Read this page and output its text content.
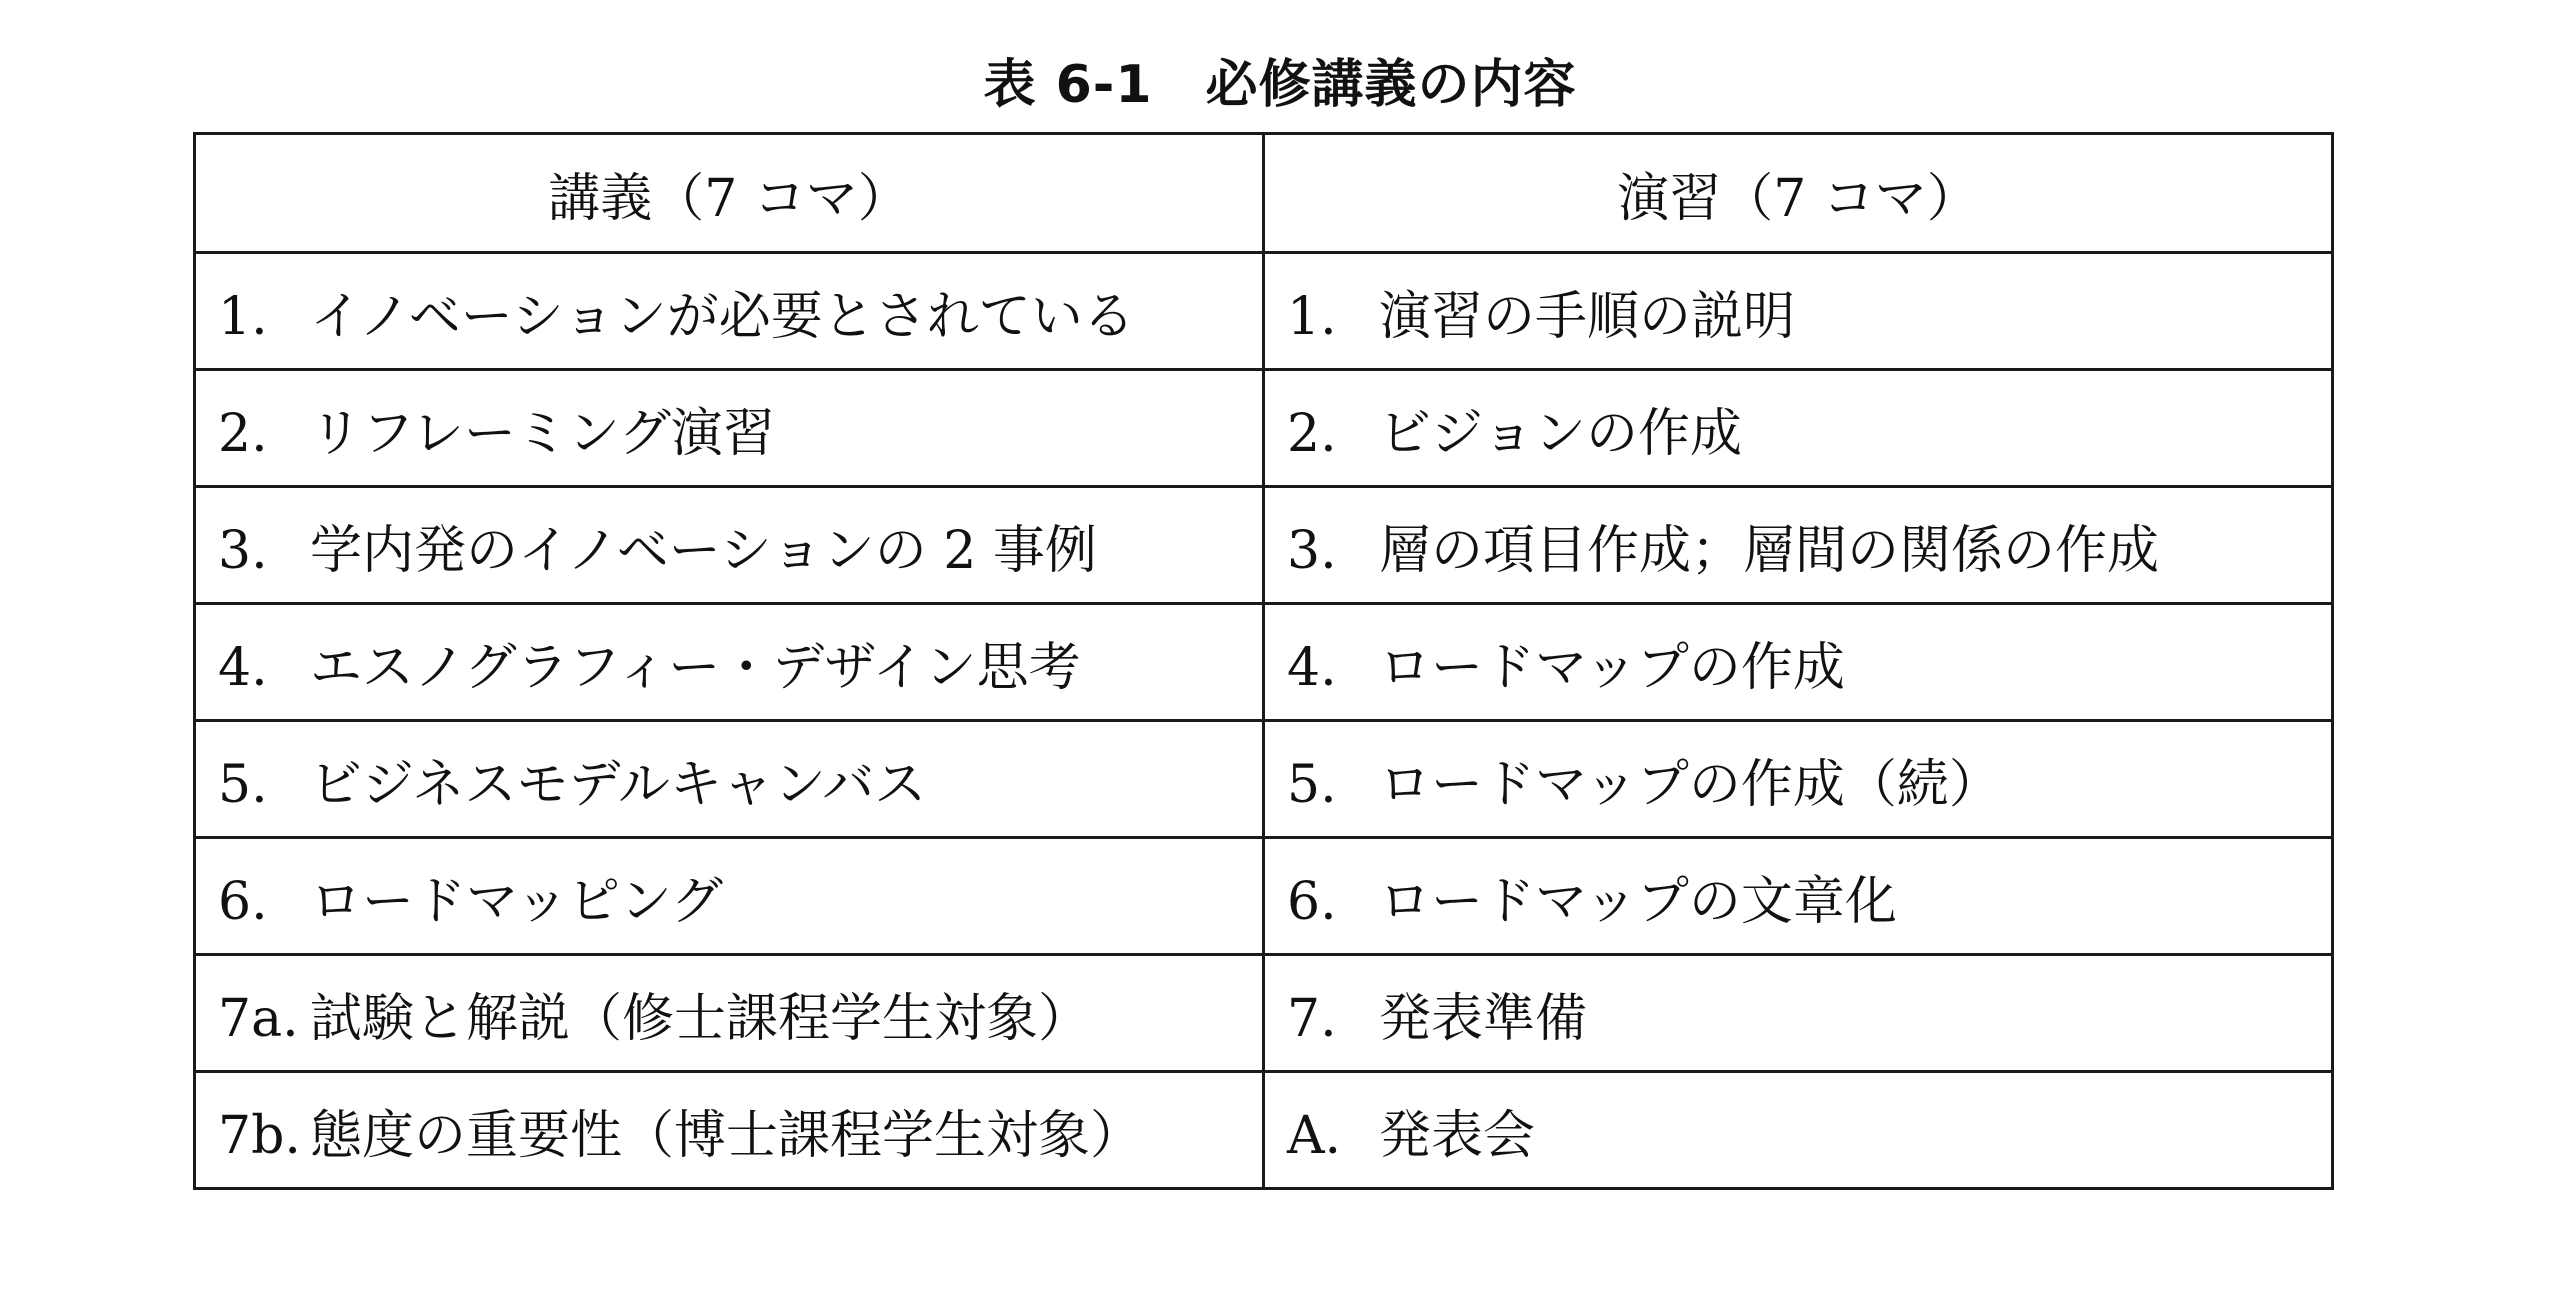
表 6-1　必修講義の内容
講義（7 コマ）	演習（7 コマ）
1. イノベーションが必要とされている	1. 演習の手順の説明
2. リフレーミング演習	2. ビジョンの作成
3. 学内発のイノベーションの 2 事例	3. 層の項目作成；層間の関係の作成
4. エスノグラフィー・デザイン思考	4. ロードマップの作成
5. ビジネスモデルキャンバス	5. ロードマップの作成（続）
6. ロードマッピング	6. ロードマップの文章化
7a. 試験と解説（修士課程学生対象）	7. 発表準備
7b. 態度の重要性（博士課程学生対象）	A. 発表会
